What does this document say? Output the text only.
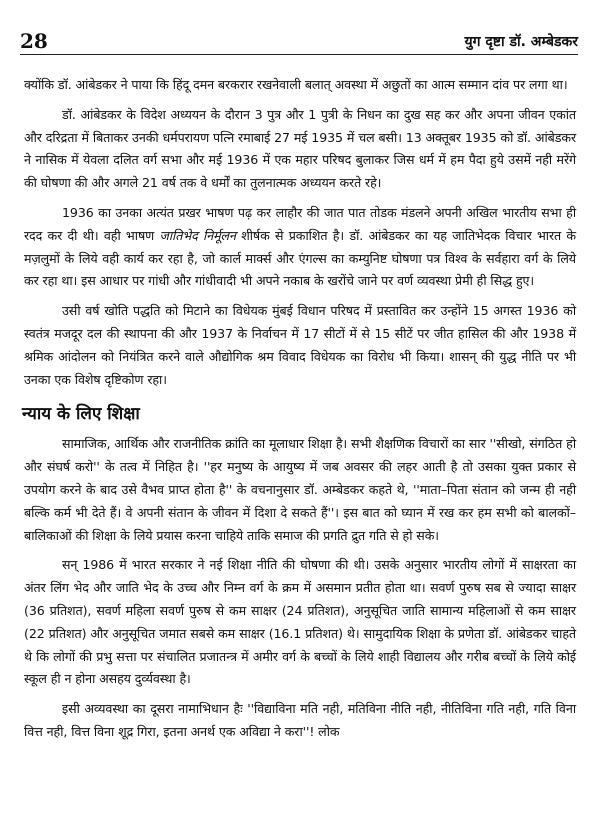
28	युग दृष्टा डॉ. अम्बेडकर

क्योंकि डॉ. आंबेडकर ने पाया कि हिंदू दमन बरकरार रखनेवाली बलात् अवस्था में अछुतों का आत्म सम्मान दांव पर लगा था।

डॉ. आंबेडकर के विदेश अध्ययन के दौरान 3 पुत्र और 1 पुत्री के निधन का दुख सह कर और अपना जीवन एकांत और दरिद्रता में बिताकर उनकी धर्मपरायण पत्नि रमाबाई 27 मई 1935 में चल बसी। 13 अक्तूबर 1935 को डॉ. आंबेडकर ने नासिक में येवला दलित वर्ग सभा और मई 1936 में एक महार परिषद बुलाकर जिस धर्म में हम पैदा हुये उसमें नही मरेंगे की घोषणा की और अगले 21 वर्ष तक वे धर्मों का तुलनात्मक अध्ययन करते रहे।

1936 का उनका अत्यंत प्रखर भाषण पढ़ कर लाहौर की जात पात तोडक मंडलने अपनी अखिल भारतीय सभा ही रदद कर दी थी। वही भाषण जातिभेद निर्मूलन शीर्षक से प्रकाशित है। डॉ. आंबेडकर का यह जातिभेदक विचार भारत के मज़लुमों के लिये वही कार्य कर रहा है, जो कार्ल मार्क्स और एंगल्स का कम्युनिष्ट घोषणा पत्र विश्व के सर्वहारा वर्ग के लिये कर रहा था। इस आधार पर गांधी और गांधीवादी भी अपने नकाब के खरोंचे जाने पर वर्ण व्यवस्था प्रेमी ही सिद्ध हुए।

उसी वर्ष खोति पद्धति को मिटाने का विधेयक मुंबई विधान परिषद में प्रस्तावित कर उन्होंने 15 अगस्त 1936 को स्वतंत्र मजदूर दल की स्थापना की और 1937 के निर्वाचन में 17 सीटों में से 15 सीटें पर जीत हासिल की और 1938 में श्रमिक आंदोलन को नियंत्रित करने वाले औद्योगिक श्रम विवाद विधेयक का विरोध भी किया। शासन् की युद्ध नीति पर भी उनका एक विशेष दृष्टिकोण रहा।

न्याय के लिए शिक्षा

सामाजिक, आर्थिक और राजनीतिक क्रांति का मूलाधार शिक्षा है। सभी शैक्षणिक विचारों का सार ''सीखो, संगठित हो और संघर्ष करो'' के तत्व में निहित है। ''हर मनुष्य के आयुष्य में जब अवसर की लहर आती है तो उसका युक्त प्रकार से उपयोग करने के बाद उसे वैभव प्राप्त होता है'' के वचनानुसार डॉ. अम्बेडकर कहते थे, ''माता–पिता संतान को जन्म ही नही बल्कि कर्म भी देते हैं। वे अपनी संतान के जीवन में दिशा दे सकते हैं''। इस बात को घ्यान में रख कर हम सभी को बालकों–बालिकाओं की शिक्षा के लिये प्रयास करना चाहिये ताकि समाज की प्रगति द्रुत गति से हो सके।

सन् 1986 में भारत सरकार ने नई शिक्षा नीति की घोषणा की थी। उसके अनुसार भारतीय लोगों में साक्षरता का अंतर लिंग भेद और जाति भेद के उच्च और निम्न वर्ग के क्रम में असमान प्रतीत होता था। सवर्ण पुरुष सब से ज्यादा साक्षर (36 प्रतिशत), सवर्ण महिला सवर्ण पुरुष से कम साक्षर (24 प्रतिशत), अनुसूचित जाति सामान्य महिलाओं से कम साक्षर (22 प्रतिशत) और अनुसूचित जमात सबसे कम साक्षर (16.1 प्रतिशत) थे। सामुदायिक शिक्षा के प्रणेता डॉ. आंबेडकर चाहते थे कि लोगों की प्रभु सत्ता पर संचालित प्रजातन्त्र में अमीर वर्ग के बच्चों के लिये शाही विद्यालय और गरीब बच्चों के लिये कोई स्कूल ही न होना असहय दुर्व्यवस्था है।

इसी अव्यवस्था का दूसरा नामाभिधान हैः ''विद्याविना मति नही, मतिविना नीति नही, नीतिविना गति नही, गति विना वित्त नही, वित्त विना शूद्र गिरा, इतना अनर्थ एक अविद्या ने करा''! लोक
